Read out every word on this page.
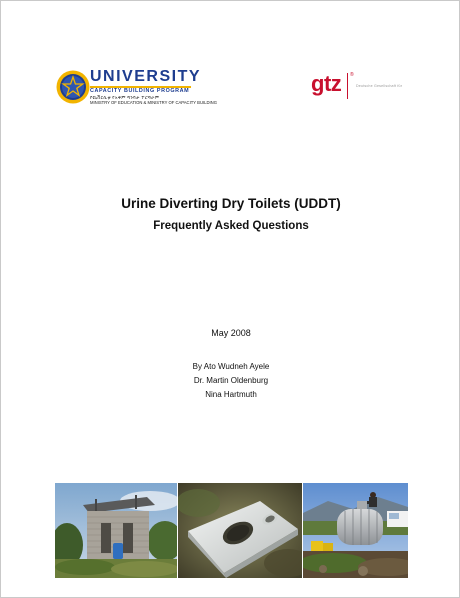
UNIVERSITY
CAPACITY BUILDING PROGRAM
የዩኒቨርሲቲ የአቅም ግንባታ ፕሮግራም
MINISTRY OF EDUCATION & MINISTRY OF CAPACITY BUILDING
gtz ®
Deutsche Gesellschaft für
Urine Diverting Dry Toilets (UDDT)
Frequently Asked Questions
May 2008
By Ato Wudneh Ayele
Dr. Martin Oldenburg
Nina Hartmuth
